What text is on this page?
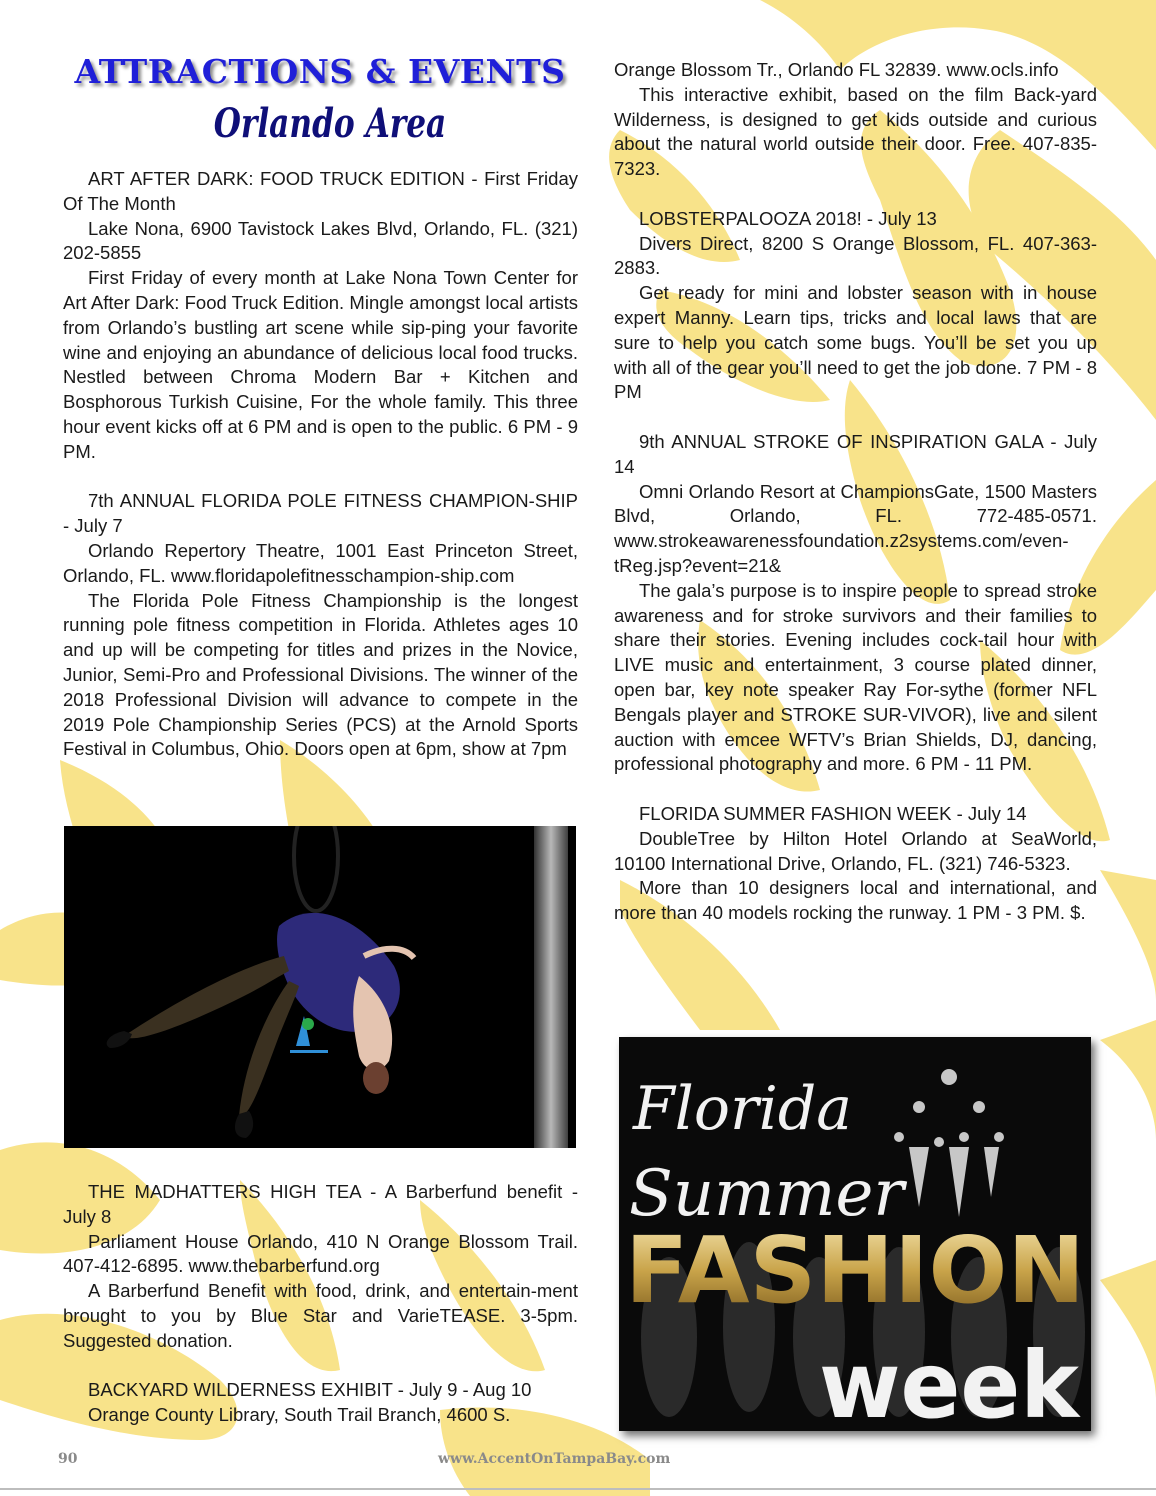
ATTRACTIONS & EVENTS
Orlando Area

ART AFTER DARK: FOOD TRUCK EDITION - First Friday Of The Month

Lake Nona, 6900 Tavistock Lakes Blvd, Orlando, FL. (321) 202-5855

First Friday of every month at Lake Nona Town Center for Art After Dark: Food Truck Edition. Mingle amongst local artists from Orlando’s bustling art scene while sip-ping your favorite wine and enjoying an abundance of delicious local food trucks. Nestled between Chroma Modern Bar + Kitchen and Bosphorous Turkish Cuisine, For the whole family. This three hour event kicks off at 6 PM and is open to the public. 6 PM - 9 PM.

7th ANNUAL FLORIDA POLE FITNESS CHAMPION-SHIP - July 7

Orlando Repertory Theatre, 1001 East Princeton Street, Orlando, FL. www.floridapolefitnesschampion-ship.com

The Florida Pole Fitness Championship is the longest running pole fitness competition in Florida. Athletes ages 10 and up will be competing for titles and prizes in the Novice, Junior, Semi-Pro and Professional Divisions. The winner of the 2018 Professional Division will advance to compete in the 2019 Pole Championship Series (PCS) at the Arnold Sports Festival in Columbus, Ohio. Doors open at 6pm, show at 7pm

THE MADHATTERS HIGH TEA - A Barberfund benefit - July 8

Parliament House Orlando, 410 N Orange Blossom Trail. 407-412-6895. www.thebarberfund.org

A Barberfund Benefit with food, drink, and entertain-ment brought to you by Blue Star and VarieTEASE. 3-5pm. Suggested donation.

BACKYARD WILDERNESS EXHIBIT - July 9 - Aug 10

Orange County Library, South Trail Branch, 4600 S.

Orange Blossom Tr., Orlando FL 32839. www.ocls.info

This interactive exhibit, based on the film Back-yard Wilderness, is designed to get kids outside and curious about the natural world outside their door. Free. 407-835-7323.

LOBSTERPALOOZA 2018! - July 13

Divers Direct, 8200 S Orange Blossom, FL. 407-363-2883.

Get ready for mini and lobster season with in house expert Manny. Learn tips, tricks and local laws that are sure to help you catch some bugs. You’ll be set you up with all of the gear you’ll need to get the job done. 7 PM - 8 PM

9th ANNUAL STROKE OF INSPIRATION GALA - July 14

Omni Orlando Resort at ChampionsGate, 1500 Masters Blvd, Orlando, FL. 772-485-0571. www.strokeawarenessfoundation.z2systems.com/even-tReg.jsp?event=21&

The gala’s purpose is to inspire people to spread stroke awareness and for stroke survivors and their families to share their stories. Evening includes cock-tail hour with LIVE music and entertainment, 3 course plated dinner, open bar, key note speaker Ray For-sythe (former NFL Bengals player and STROKE SUR-VIVOR), live and silent auction with emcee WFTV’s Brian Shields, DJ, dancing, professional photography and more. 6 PM - 11 PM.

FLORIDA SUMMER FASHION WEEK - July 14

DoubleTree by Hilton Hotel Orlando at SeaWorld, 10100 International Drive, Orlando, FL. (321) 746-5323.

More than 10 designers local and international, and more than 40 models rocking the runway. 1 PM - 3 PM. $.

Florida
Summer
FASHION
week

90	www.AccentOnTampaBay.com
